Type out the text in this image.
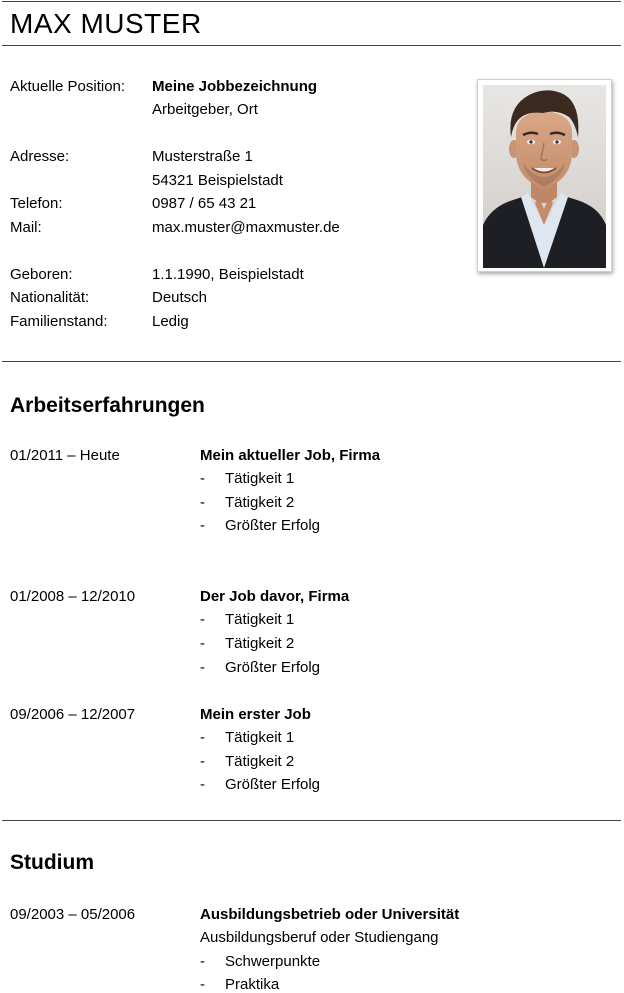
MAX MUSTER
Aktuelle Position: Meine Jobbezeichnung
Arbeitgeber, Ort
Adresse:	Musterstraße 1
54321 Beispielstadt
Telefon:	0987 / 65 43 21
Mail:	max.muster@maxmuster.de
Geboren:	1.1.1990, Beispielstadt
Nationalität:	Deutsch
Familienstand:	Ledig
Arbeitserfahrungen
01/2011 – Heute	Mein aktueller Job, Firma
- Tätigkeit 1
- Tätigkeit 2
- Größter Erfolg
01/2008 – 12/2010	Der Job davor, Firma
- Tätigkeit 1
- Tätigkeit 2
- Größter Erfolg
09/2006 – 12/2007	Mein erster Job
- Tätigkeit 1
- Tätigkeit 2
- Größter Erfolg
Studium
09/2003 – 05/2006	Ausbildungsbetrieb oder Universität
Ausbildungsberuf oder Studiengang
- Schwerpunkte
- Praktika
